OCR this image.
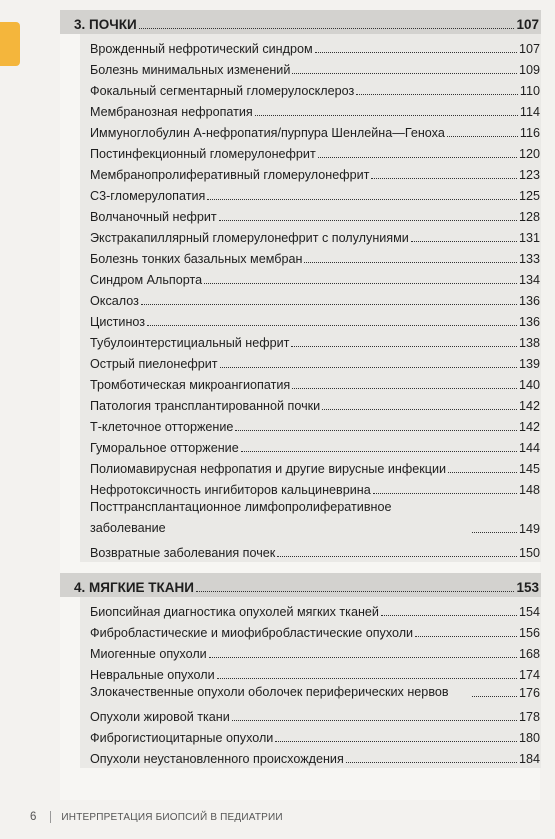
3. ПОЧКИ	107
Врожденный нефротический синдром	107
Болезнь минимальных изменений	109
Фокальный сегментарный гломерулосклероз	110
Мембранозная нефропатия	114
Иммуноглобулин А-нефропатия/пурпура Шенлейна—Геноха	116
Постинфекционный гломерулонефрит	120
Мембранопролиферативный гломерулонефрит	123
С3-гломерулопатия	125
Волчаночный нефрит	128
Экстракапиллярный гломерулонефрит с полулуниями	131
Болезнь тонких базальных мембран	133
Синдром Альпорта	134
Оксалоз	136
Цистиноз	136
Тубулоинтерстициальный нефрит	138
Острый пиелонефрит	139
Тромботическая микроангиопатия	140
Патология трансплантированной почки	142
Т-клеточное отторжение	142
Гуморальное отторжение	144
Полиомавирусная нефропатия и другие вирусные инфекции	145
Нефротоксичность ингибиторов кальциневрина	148
Посттрансплантационное лимфопролиферативное заболевание	149
Возвратные заболевания почек	150
4. МЯГКИЕ ТКАНИ	153
Биопсийная диагностика опухолей мягких тканей	154
Фибробластические и миофибробластические опухоли	156
Миогенные опухоли	168
Невральные опухоли	174
Злокачественные опухоли оболочек периферических нервов	176
Опухоли жировой ткани	178
Фиброгистиоцитарные опухоли	180
Опухоли неустановленного происхождения	184
6	ИНТЕРПРЕТАЦИЯ БИОПСИЙ В ПЕДИАТРИИ
